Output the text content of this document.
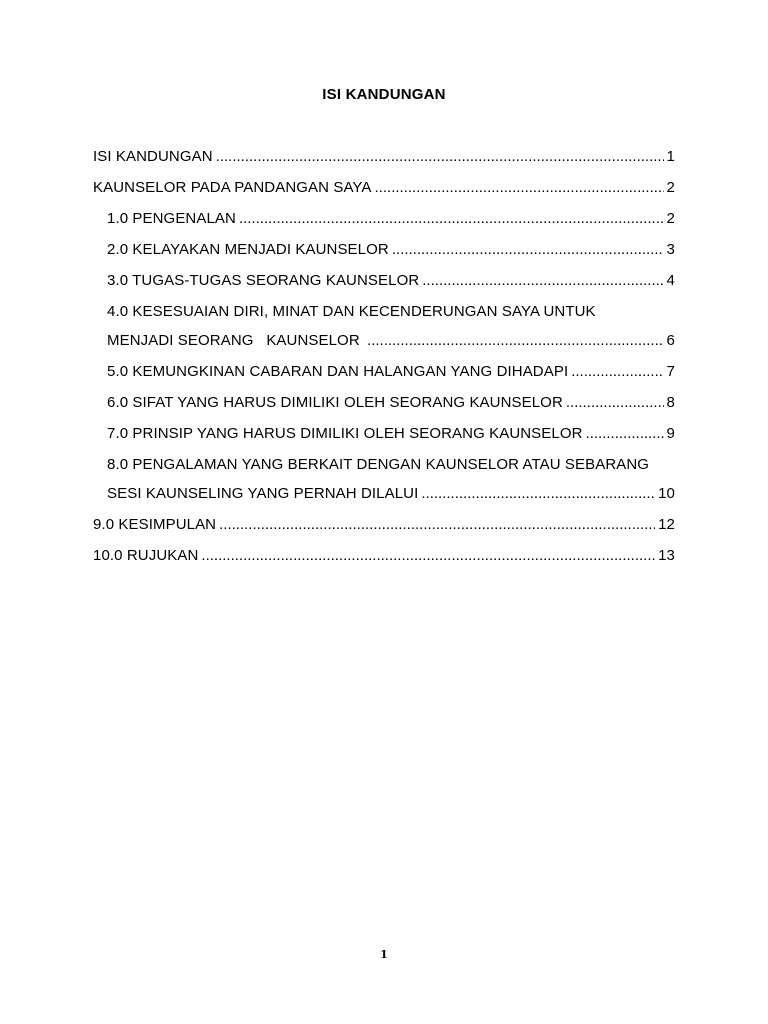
ISI KANDUNGAN
ISI KANDUNGAN .....	1
KAUNSELOR PADA PANDANGAN SAYA .....	2
1.0 PENGENALAN .....	2
2.0 KELAYAKAN MENJADI KAUNSELOR .....	3
3.0 TUGAS-TUGAS SEORANG KAUNSELOR .....	4
4.0 KESESUAIAN DIRI, MINAT DAN KECENDERUNGAN SAYA UNTUK
MENJADI SEORANG   KAUNSELOR .....	6
5.0 KEMUNGKINAN CABARAN DAN HALANGAN YANG DIHADAPI .....	7
6.0 SIFAT YANG HARUS DIMILIKI OLEH SEORANG KAUNSELOR .....	8
7.0 PRINSIP YANG HARUS DIMILIKI OLEH SEORANG KAUNSELOR .....	9
8.0 PENGALAMAN YANG BERKAIT DENGAN KAUNSELOR ATAU SEBARANG
SESI KAUNSELING YANG PERNAH DILALUI .....	10
9.0 KESIMPULAN .....	12
10.0 RUJUKAN .....	13
1
